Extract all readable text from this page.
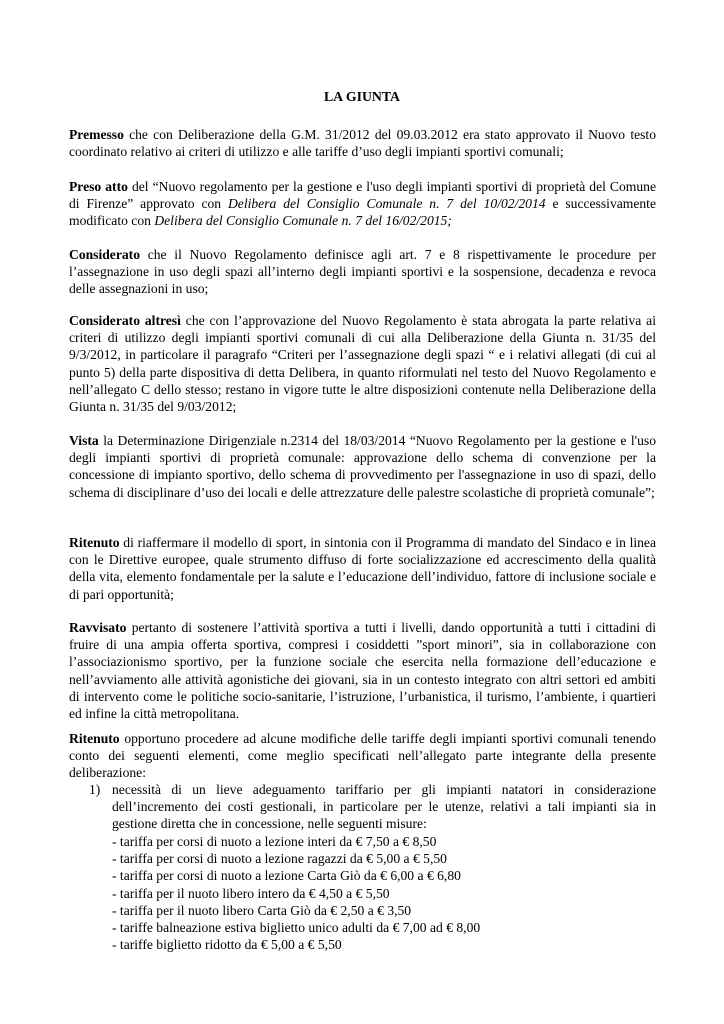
LA GIUNTA
Premesso che con Deliberazione della G.M. 31/2012 del 09.03.2012 era stato approvato il Nuovo testo coordinato relativo ai criteri di utilizzo e alle tariffe d’uso degli impianti sportivi comunali;
Preso atto del “Nuovo regolamento per la gestione e l'uso degli impianti sportivi di proprietà del Comune di Firenze” approvato con Delibera del Consiglio Comunale n. 7 del 10/02/2014 e successivamente modificato con Delibera del Consiglio Comunale n. 7 del 16/02/2015;
Considerato che il Nuovo Regolamento definisce agli art. 7 e 8 rispettivamente le procedure per l’assegnazione in uso degli spazi all’interno degli impianti sportivi e la sospensione, decadenza e revoca delle assegnazioni in uso;
Considerato altresì che con l’approvazione del Nuovo Regolamento è stata abrogata la parte relativa ai criteri di utilizzo degli impianti sportivi comunali di cui alla Deliberazione della Giunta n. 31/35 del 9/3/2012, in particolare il paragrafo “Criteri per l’assegnazione degli spazi “ e i relativi allegati (di cui al punto 5) della parte dispositiva di detta Delibera, in quanto riformulati nel testo del Nuovo Regolamento e nell’allegato C dello stesso; restano in vigore tutte le altre disposizioni contenute nella Deliberazione della Giunta n. 31/35 del 9/03/2012;
Vista la Determinazione Dirigenziale n.2314 del 18/03/2014 “Nuovo Regolamento per la gestione e l'uso degli impianti sportivi di proprietà comunale: approvazione dello schema di convenzione per la concessione di impianto sportivo, dello schema di provvedimento per l'assegnazione in uso di spazi, dello schema di disciplinare d’uso dei locali e delle attrezzature delle palestre scolastiche di proprietà comunale”;
Ritenuto di riaffermare il modello di sport, in sintonia con il Programma di mandato del Sindaco e in linea con le Direttive europee, quale strumento diffuso di forte socializzazione ed accrescimento della qualità della vita, elemento fondamentale per la salute e l’educazione dell’individuo, fattore di inclusione sociale e di pari opportunità;
Ravvisato pertanto di sostenere l’attività sportiva a tutti i livelli, dando opportunità a tutti i cittadini di fruire di una ampia offerta sportiva, compresi i cosiddetti ”sport minori”, sia in collaborazione con l’associazionismo sportivo, per la funzione sociale che esercita nella formazione dell’educazione e nell’avviamento alle attività agonistiche dei giovani, sia in un contesto integrato con altri settori ed ambiti di intervento come le politiche socio-sanitarie, l’istruzione, l’urbanistica, il turismo, l’ambiente, i quartieri ed infine la città metropolitana.
Ritenuto opportuno procedere ad alcune modifiche delle tariffe degli impianti sportivi comunali tenendo conto dei seguenti elementi, come meglio specificati nell’allegato parte integrante della presente deliberazione:
1) necessità di un lieve adeguamento tariffario per gli impianti natatori in considerazione dell’incremento dei costi gestionali, in particolare per le utenze, relativi a tali impianti sia in gestione diretta che in concessione, nelle seguenti misure:
- tariffa per corsi di nuoto a lezione interi da € 7,50 a € 8,50
- tariffa per corsi di nuoto a lezione ragazzi da € 5,00 a € 5,50
- tariffa per corsi di nuoto a lezione Carta Giò da € 6,00 a € 6,80
- tariffa per il nuoto libero intero da € 4,50 a € 5,50
- tariffa per il nuoto libero Carta Giò da € 2,50 a € 3,50
- tariffe balneazione estiva biglietto unico adulti da € 7,00 ad € 8,00
- tariffe biglietto ridotto da € 5,00 a € 5,50
